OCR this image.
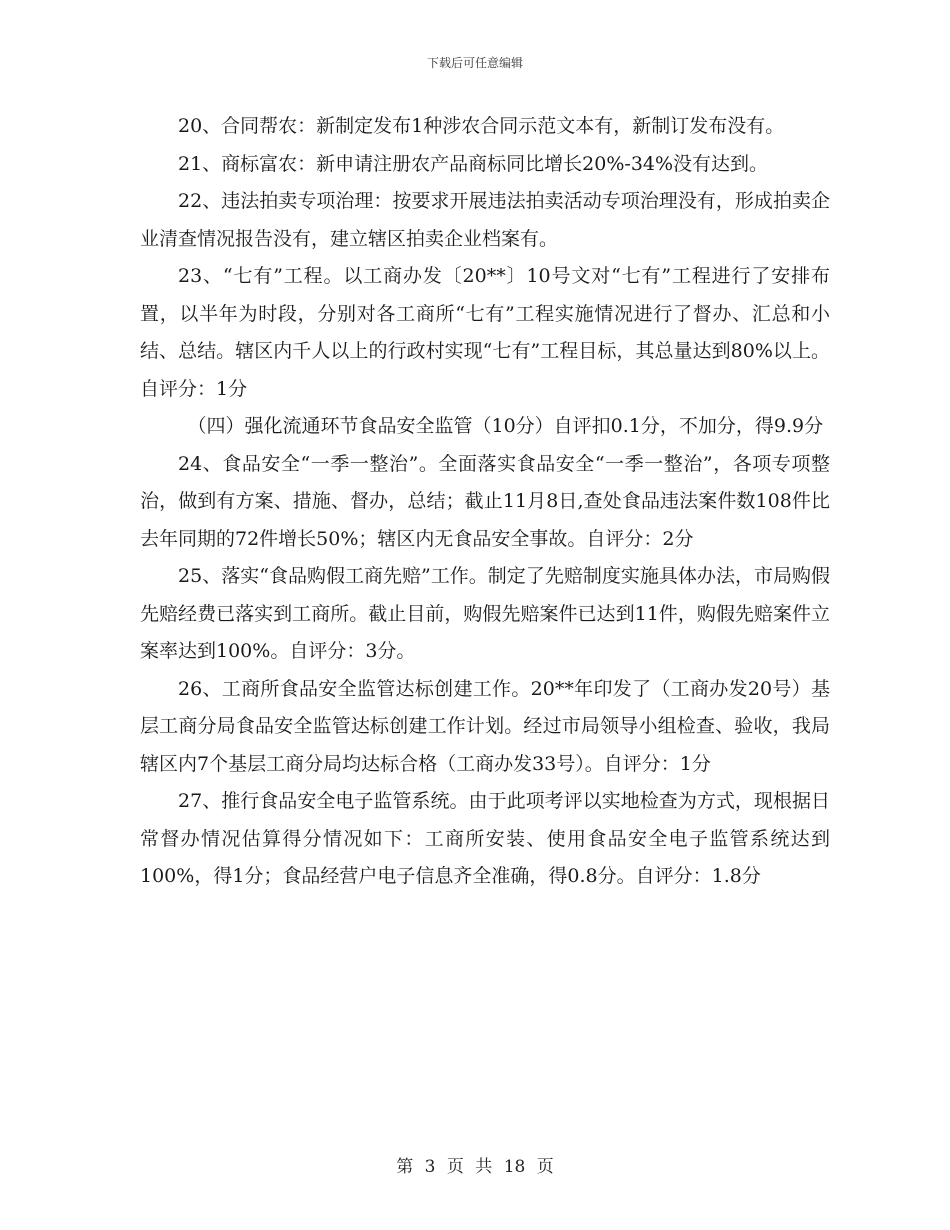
下载后可任意编辑

20、合同帮农：新制定发布1种涉农合同示范文本有，新制订发布没有。

21、商标富农：新申请注册农产品商标同比增长20%-34%没有达到。

22、违法拍卖专项治理：按要求开展违法拍卖活动专项治理没有，形成拍卖企业清查情况报告没有，建立辖区拍卖企业档案有。

23、“七有”工程。以工商办发〔20**〕10号文对“七有”工程进行了安排布置，以半年为时段，分别对各工商所“七有”工程实施情况进行了督办、汇总和小结、总结。辖区内千人以上的行政村实现“七有”工程目标，其总量达到80%以上。自评分：1分

（四）强化流通环节食品安全监管（10分）自评扣0.1分，不加分，得9.9分

24、食品安全“一季一整治”。全面落实食品安全“一季一整治”，各项专项整治，做到有方案、措施、督办，总结；截止11月8日,查处食品违法案件数108件比去年同期的72件增长50%；辖区内无食品安全事故。自评分：2分

25、落实“食品购假工商先赔”工作。制定了先赔制度实施具体办法，市局购假先赔经费已落实到工商所。截止目前，购假先赔案件已达到11件，购假先赔案件立案率达到100%。自评分：3分。

26、工商所食品安全监管达标创建工作。20**年印发了（工商办发20号）基层工商分局食品安全监管达标创建工作计划。经过市局领导小组检查、验收，我局辖区内7个基层工商分局均达标合格（工商办发33号）。自评分：1分

27、推行食品安全电子监管系统。由于此项考评以实地检查为方式，现根据日常督办情况估算得分情况如下：工商所安装、使用食品安全电子监管系统达到100%，得1分；食品经营户电子信息齐全准确，得0.8分。自评分：1.8分

第 3 页 共 18 页
